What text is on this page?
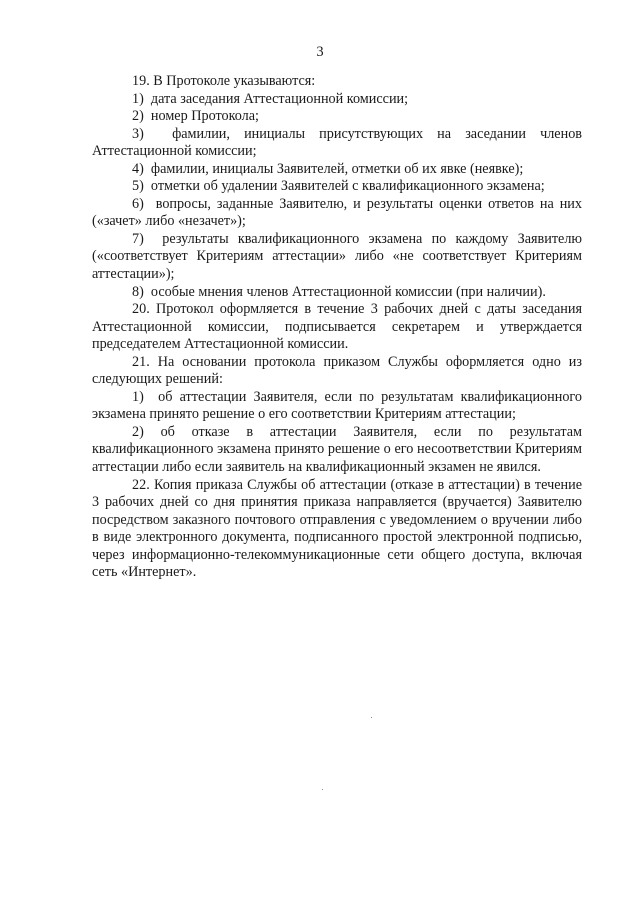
3

19. В Протоколе указываются:

1)  дата заседания Аттестационной комиссии;

2)  номер Протокола;

3)  фамилии, инициалы присутствующих на заседании членов Аттестационной комиссии;

4)  фамилии, инициалы Заявителей, отметки об их явке (неявке);

5)  отметки об удалении Заявителей с квалификационного экзамена;

6)  вопросы, заданные Заявителю, и результаты оценки ответов на них («зачет» либо «незачет»);

7)  результаты квалификационного экзамена по каждому Заявителю («соответствует Критериям аттестации» либо «не соответствует Критериям аттестации»);

8)  особые мнения членов Аттестационной комиссии (при наличии).

20. Протокол оформляется в течение 3 рабочих дней с даты заседания Аттестационной комиссии, подписывается секретарем и утверждается председателем Аттестационной комиссии.

21. На основании протокола приказом Службы оформляется одно из следующих решений:

1)  об аттестации Заявителя, если по результатам квалификационного экзамена принято решение о его соответствии Критериям аттестации;

2) об отказе в аттестации Заявителя, если по результатам квалификационного экзамена принято решение о его несоответствии Критериям аттестации либо если заявитель на квалификационный экзамен не явился.

22. Копия приказа Службы об аттестации (отказе в аттестации) в течение 3 рабочих дней со дня принятия приказа направляется (вручается) Заявителю посредством заказного почтового отправления с уведомлением о вручении либо в виде электронного документа, подписанного простой электронной подписью, через информационно-телекоммуникационные сети общего доступа, включая сеть «Интернет».
